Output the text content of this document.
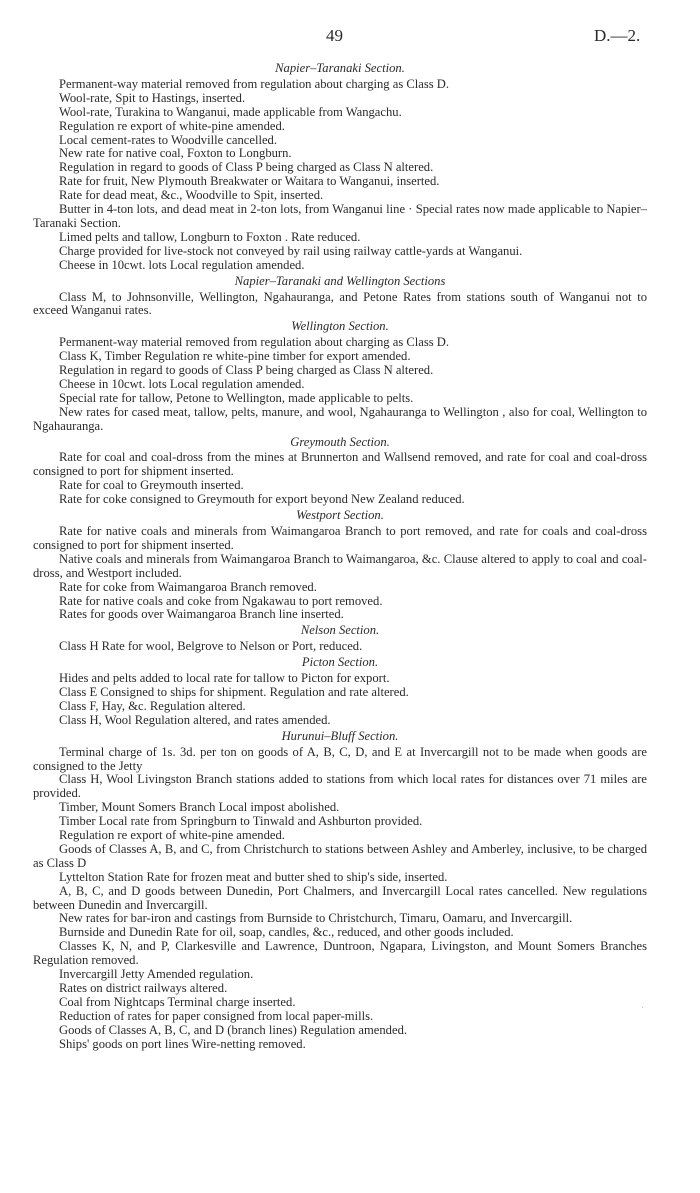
49	D.—2.
Napier–Taranaki Section.

Permanent-way material removed from regulation about charging as Class D.

Wool-rate, Spit to Hastings, inserted.

Wool-rate, Turakina to Wanganui, made applicable from Wangachu.

Regulation re export of white-pine amended.

Local cement-rates to Woodville cancelled.

New rate for native coal, Foxton to Longburn.

Regulation in regard to goods of Class P being charged as Class N altered.

Rate for fruit, New Plymouth Breakwater or Waitara to Wanganui, inserted.

Rate for dead meat, &c., Woodville to Spit, inserted.

Butter in 4-ton lots, and dead meat in 2-ton lots, from Wanganui line · Special rates now made applicable to Napier–Taranaki Section.

Limed pelts and tallow, Longburn to Foxton . Rate reduced.

Charge provided for live-stock not conveyed by rail using railway cattle-yards at Wanganui.

Cheese in 10cwt. lots Local regulation amended.

Napier–Taranaki and Wellington Sections

Class M, to Johnsonville, Wellington, Ngahauranga, and Petone Rates from stations south of Wanganui not to exceed Wanganui rates.

Wellington Section.

Permanent-way material removed from regulation about charging as Class D.

Class K, Timber Regulation re white-pine timber for export amended.

Regulation in regard to goods of Class P being charged as Class N altered.

Cheese in 10cwt. lots Local regulation amended.

Special rate for tallow, Petone to Wellington, made applicable to pelts.

New rates for cased meat, tallow, pelts, manure, and wool, Ngahauranga to Wellington , also for coal, Wellington to Ngahauranga.

Greymouth Section.

Rate for coal and coal-dross from the mines at Brunnerton and Wallsend removed, and rate for coal and coal-dross consigned to port for shipment inserted.

Rate for coal to Greymouth inserted.

Rate for coke consigned to Greymouth for export beyond New Zealand reduced.

Westport Section.

Rate for native coals and minerals from Waimangaroa Branch to port removed, and rate for coals and coal-dross consigned to port for shipment inserted.

Native coals and minerals from Waimangaroa Branch to Waimangaroa, &c. Clause altered to apply to coal and coal-dross, and Westport included.

Rate for coke from Waimangaroa Branch removed.

Rate for native coals and coke from Ngakawau to port removed.

Rates for goods over Waimangaroa Branch line inserted.

Nelson Section.

Class H Rate for wool, Belgrove to Nelson or Port, reduced.

Picton Section.

Hides and pelts added to local rate for tallow to Picton for export.

Class E Consigned to ships for shipment. Regulation and rate altered.

Class F, Hay, &c. Regulation altered.

Class H, Wool Regulation altered, and rates amended.

Hurunui–Bluff Section.

Terminal charge of 1s. 3d. per ton on goods of A, B, C, D, and E at Invercargill not to be made when goods are consigned to the Jetty

Class H, Wool Livingston Branch stations added to stations from which local rates for distances over 71 miles are provided.

Timber, Mount Somers Branch Local impost abolished.

Timber Local rate from Springburn to Tinwald and Ashburton provided.

Regulation re export of white-pine amended.

Goods of Classes A, B, and C, from Christchurch to stations between Ashley and Amberley, inclusive, to be charged as Class D

Lyttelton Station Rate for frozen meat and butter shed to ship's side, inserted.

A, B, C, and D goods between Dunedin, Port Chalmers, and Invercargill Local rates cancelled. New regulations between Dunedin and Invercargill.

New rates for bar-iron and castings from Burnside to Christchurch, Timaru, Oamaru, and Invercargill.

Burnside and Dunedin Rate for oil, soap, candles, &c., reduced, and other goods included.

Classes K, N, and P, Clarkesville and Lawrence, Duntroon, Ngapara, Livingston, and Mount Somers Branches Regulation removed.

Invercargill Jetty Amended regulation.

Rates on district railways altered.

Coal from Nightcaps Terminal charge inserted.

Reduction of rates for paper consigned from local paper-mills.

Goods of Classes A, B, C, and D (branch lines) Regulation amended.

Ships' goods on port lines Wire-netting removed.

·
